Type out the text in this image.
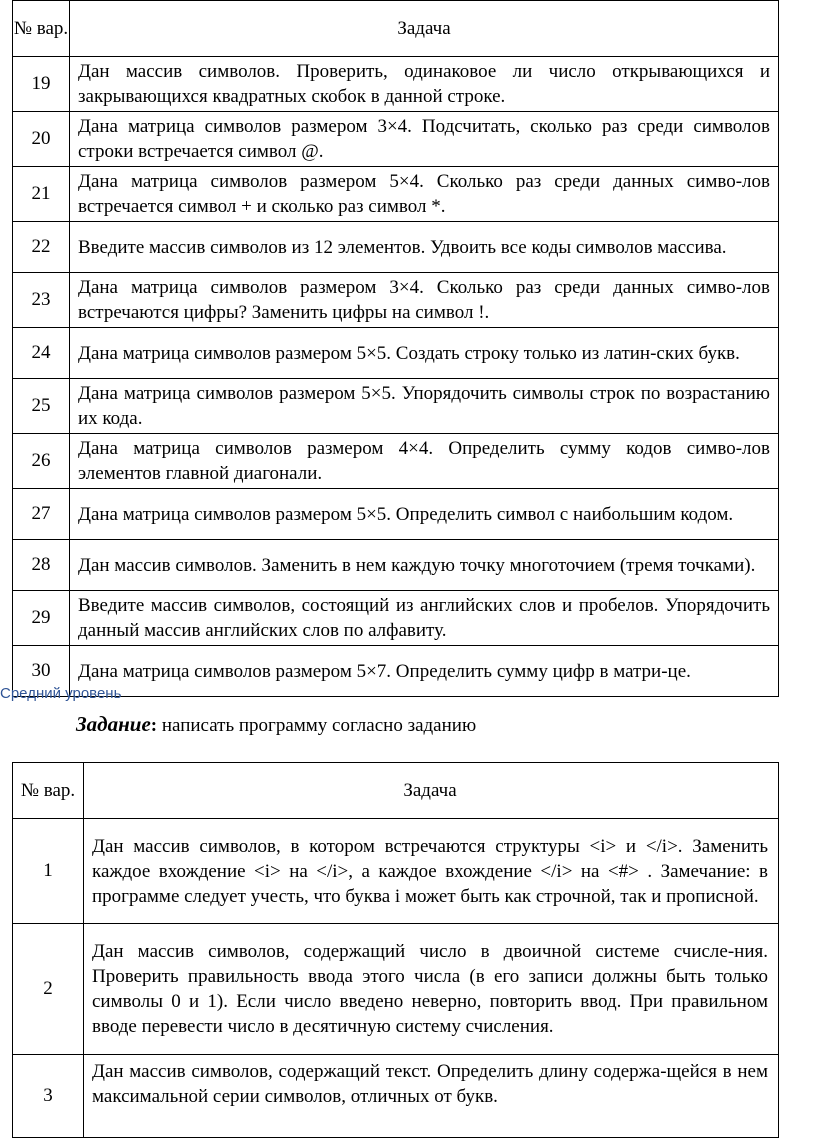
№ вар.	Задача
19	Дан массив символов. Проверить, одинаковое ли число открывающихся и закрывающихся квадратных скобок в данной строке.
20	Дана матрица символов размером 3×4. Подсчитать, сколько раз среди символов строки встречается символ @.
21	Дана матрица символов размером 5×4. Сколько раз среди данных симво-лов встречается символ + и сколько раз символ *.
22	Введите массив символов из 12 элементов. Удвоить все коды символов массива.
23	Дана матрица символов размером 3×4. Сколько раз среди данных симво-лов встречаются цифры? Заменить цифры на символ !.
24	Дана матрица символов размером 5×5. Создать строку только из латин-ских букв.
25	Дана матрица символов размером 5×5. Упорядочить символы строк по возрастанию их кода.
26	Дана матрица символов размером 4×4. Определить сумму кодов симво-лов элементов главной диагонали.
27	Дана матрица символов размером 5×5. Определить символ с наибольшим кодом.
28	Дан массив символов. Заменить в нем каждую точку многоточием (тремя точками).
29	Введите массив символов, состоящий из английских слов и пробелов. Упорядочить данный массив английских слов по алфавиту.
30	Дана матрица символов размером 5×7. Определить сумму цифр в матри-це.
Средний уровень
Задание: написать программу согласно заданию
№ вар.	Задача
1	Дан массив символов, в котором встречаются структуры <i> и </i>. Заменить каждое вхождение <i> на </i>, а каждое вхождение </i> на <#> . Замечание: в программе следует учесть, что буква i может быть как строчной, так и прописной.
2	Дан массив символов, содержащий число в двоичной системе счисле-ния. Проверить правильность ввода этого числа (в его записи должны быть только символы 0 и 1). Если число введено неверно, повторить ввод. При правильном вводе перевести число в десятичную систему счисления.
3	Дан массив символов, содержащий текст. Определить длину содержа-щейся в нем максимальной серии символов, отличных от букв.
